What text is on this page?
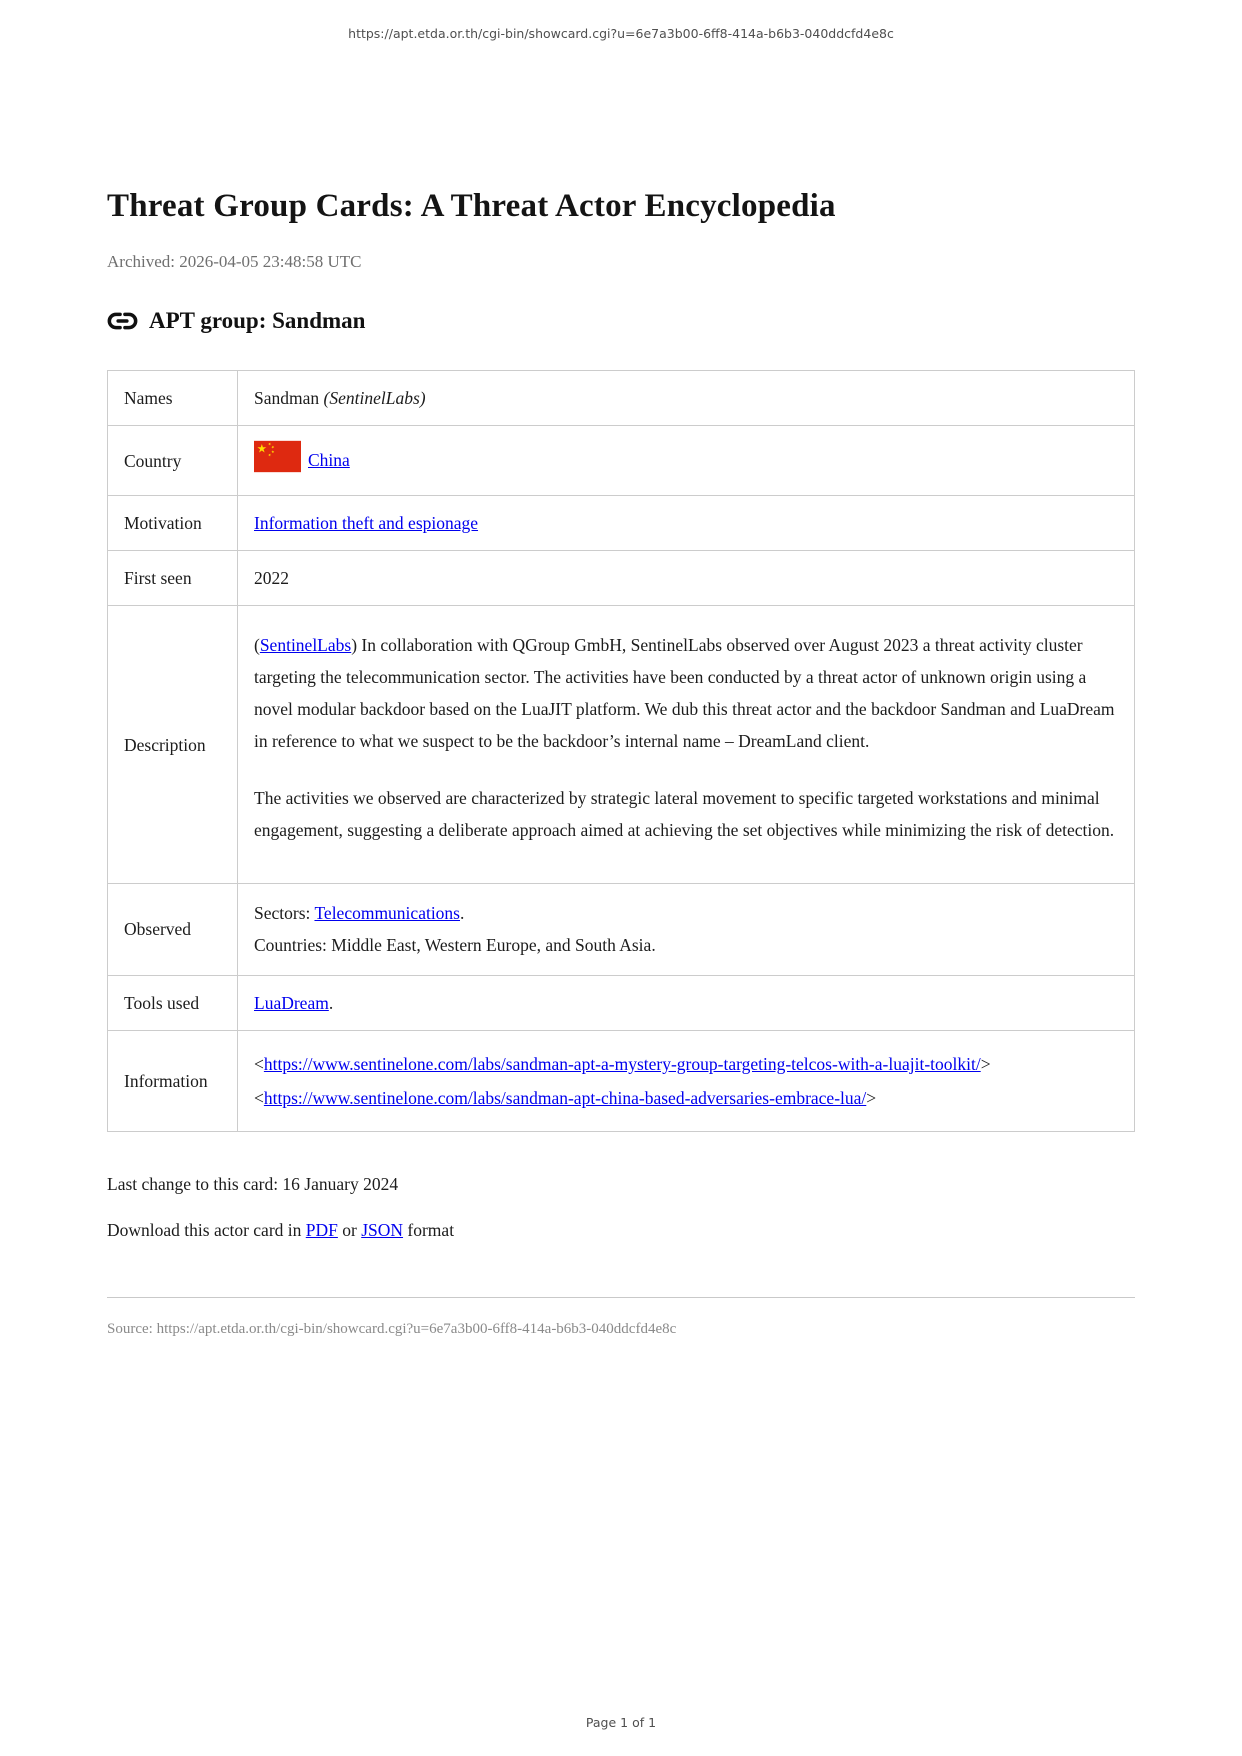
https://apt.etda.or.th/cgi-bin/showcard.cgi?u=6e7a3b00-6ff8-414a-b6b3-040ddcfd4e8c
Threat Group Cards: A Threat Actor Encyclopedia
Archived: 2026-04-05 23:48:58 UTC
APT group: Sandman
Names	Sandman (SentinelLabs)
Country	China

Motivation	Information theft and espionage
First seen	2022
Description	(SentinelLabs) In collaboration with QGroup GmbH, SentinelLabs observed over August 2023 a threat activity cluster targeting the telecommunication sector. The activities have been conducted by a threat actor of unknown origin using a novel modular backdoor based on the LuaJIT platform. We dub this threat actor and the backdoor Sandman and LuaDream in reference to what we suspect to be the backdoor’s internal name – DreamLand client.

The activities we observed are characterized by strategic lateral movement to specific targeted workstations and minimal engagement, suggesting a deliberate approach aimed at achieving the set objectives while minimizing the risk of detection.

Observed	Sectors: Telecommunications.
Countries: Middle East, Western Europe, and South Asia.

Tools used	LuaDream.
Information	<https://www.sentinelone.com/labs/sandman-apt-a-mystery-group-targeting-telcos-with-a-luajit-toolkit/>
<https://www.sentinelone.com/labs/sandman-apt-china-based-adversaries-embrace-lua/>
Last change to this card: 16 January 2024
Download this actor card in PDF or JSON format
Source: https://apt.etda.or.th/cgi-bin/showcard.cgi?u=6e7a3b00-6ff8-414a-b6b3-040ddcfd4e8c
Page 1 of 1
